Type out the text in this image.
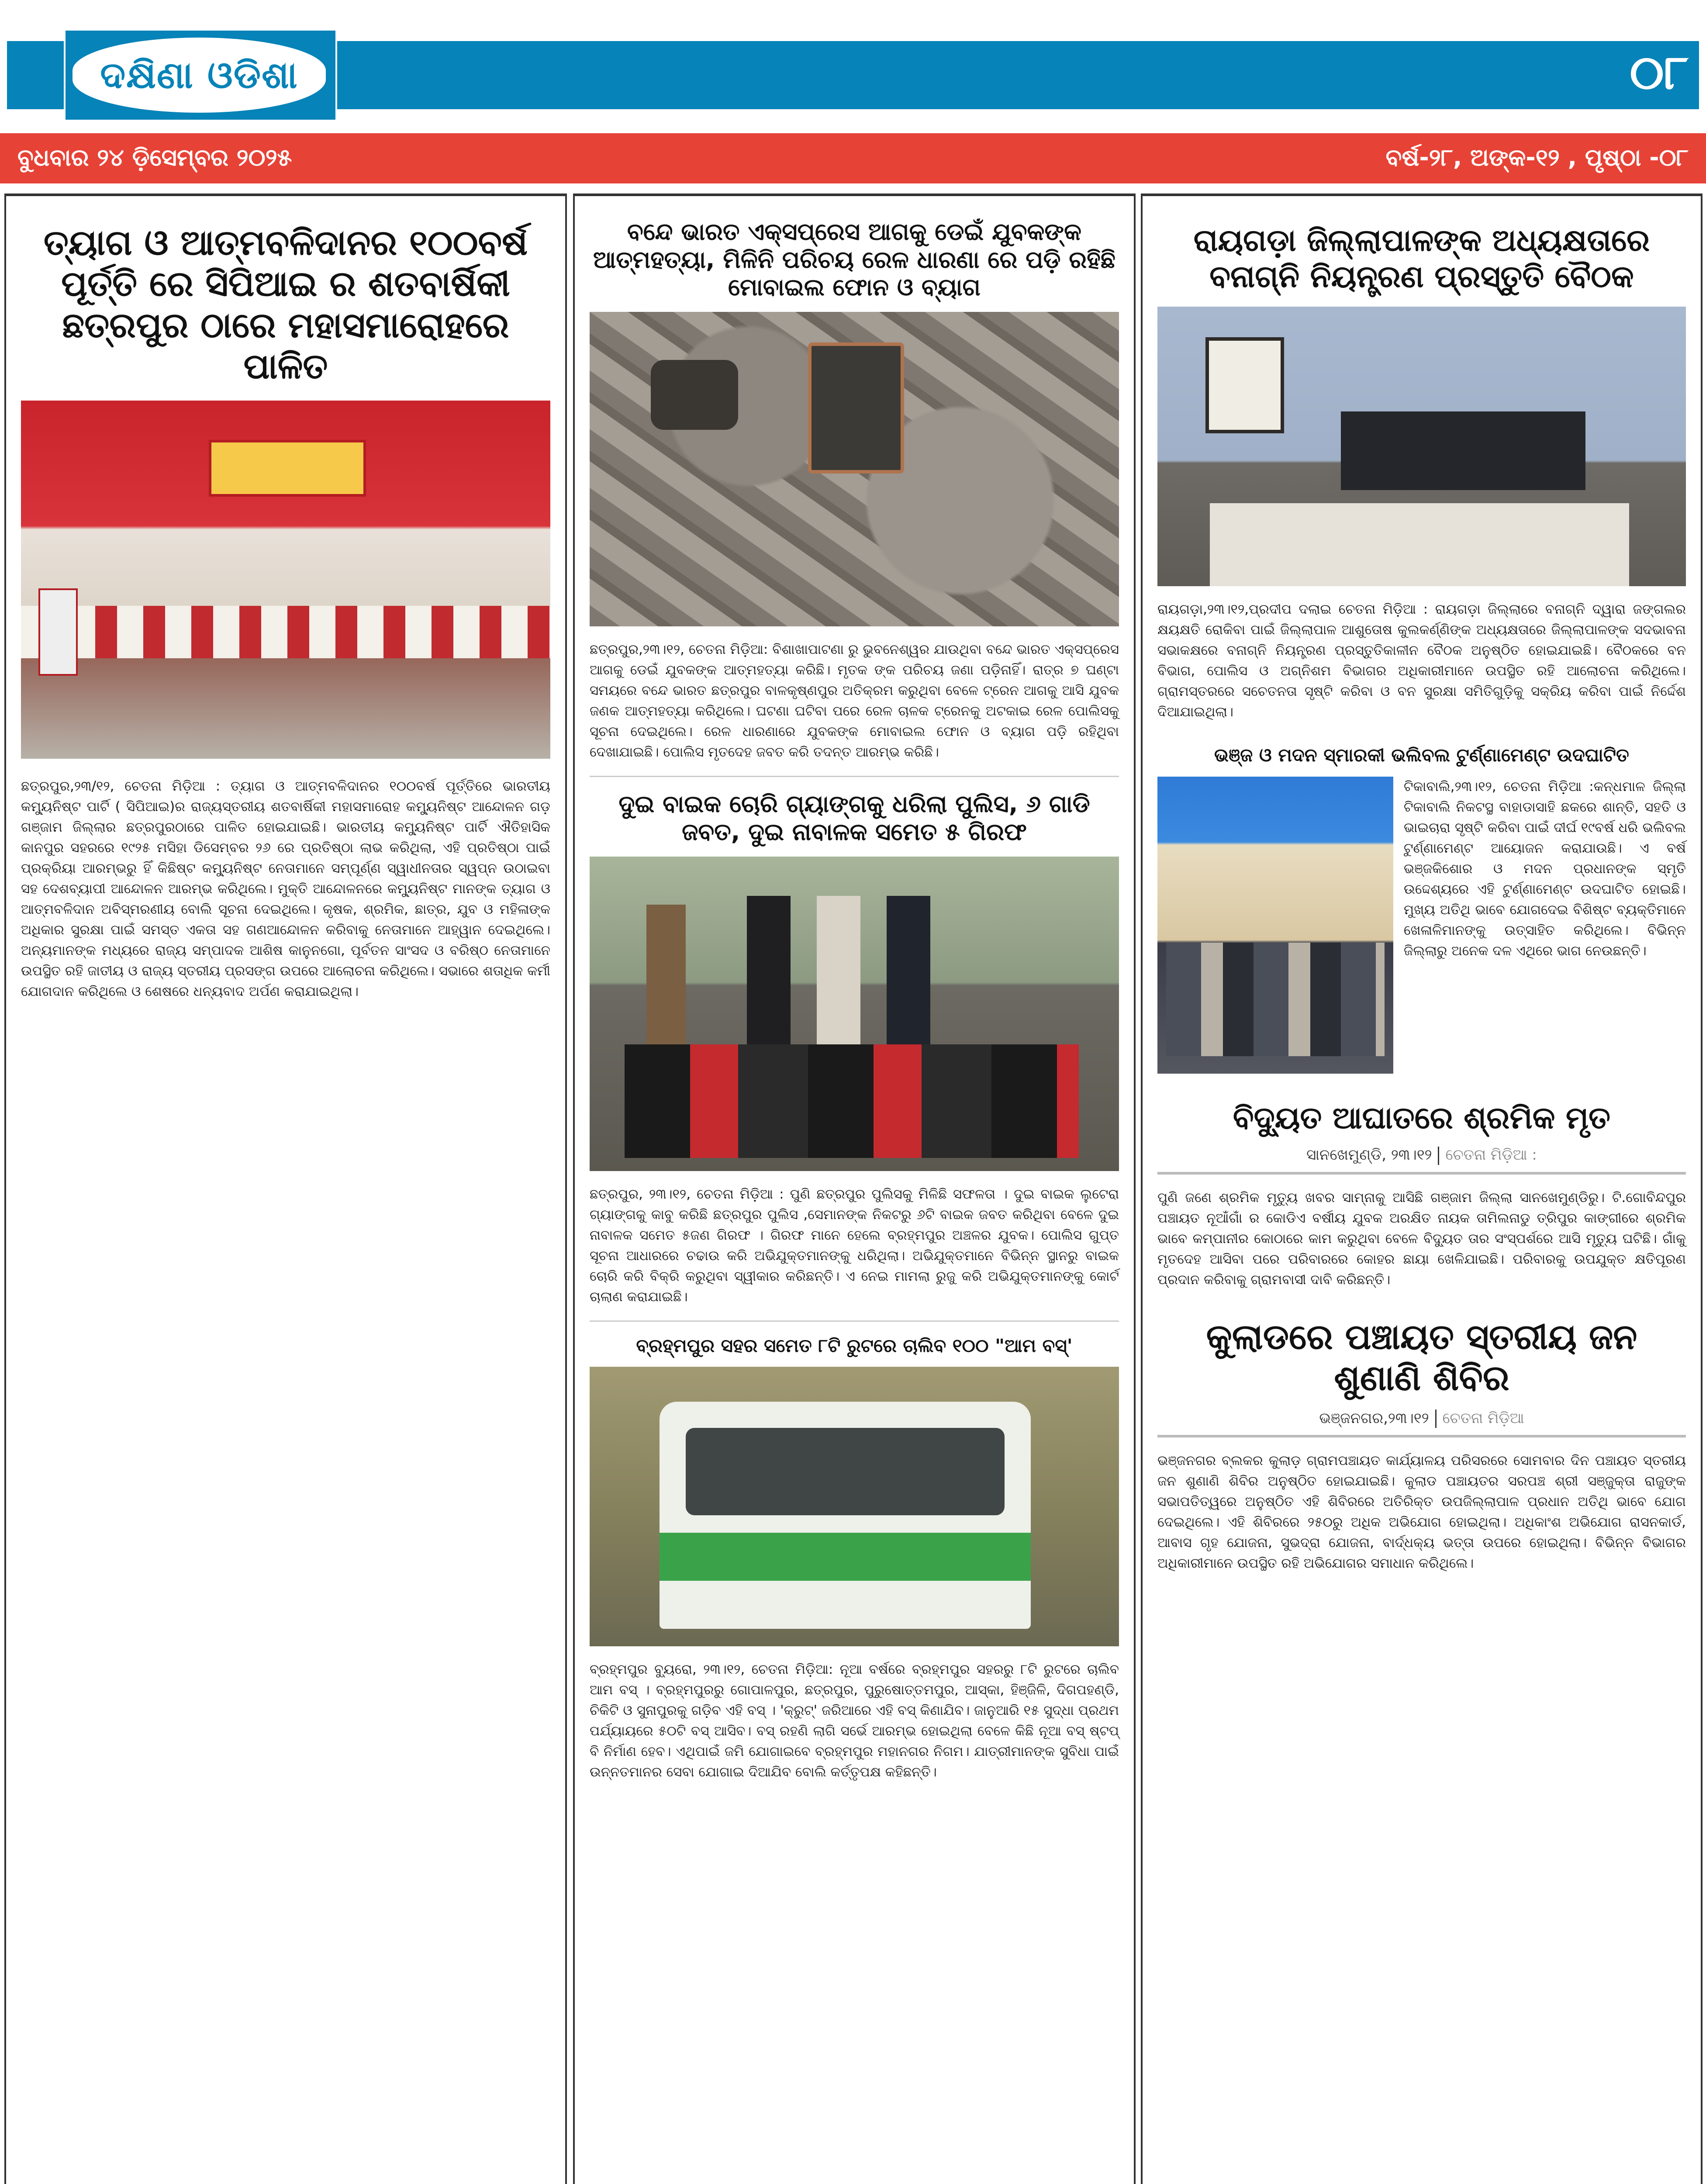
ଦକ୍ଷିଣା ଓଡିଶା	୦୮
ବୁଧବାର ୨୪ ଡ଼ିସେମ୍ବର ୨୦୨୫	ବର୍ଷ-୨୮, ଅଙ୍କ-୧୨ , ପୃଷ୍ଠା -୦୮
ତ୍ୟାଗ ଓ ଆତ୍ମବଳିଦାନର ୧୦୦ବର୍ଷ ପୂର୍ତ୍ତି ରେ ସିପିଆଇ ର ଶତବାର୍ଷିକୀ ଛତ୍ରପୁର ଠାରେ ମହାସମାରୋହରେ ପାଳିତ
ଛତ୍ରପୁର,୨୩/୧୨, ଚେତନା ମିଡ଼ିଆ : ତ୍ୟାଗ ଓ ଆତ୍ମବଳିଦାନର ୧୦୦ବର୍ଷ ପୂର୍ତ୍ତିରେ ଭାରତୀୟ କମ୍ୟୁନିଷ୍ଟ ପାର୍ଟି ( ସିପିଆଇ)ର ରାଜ୍ୟସ୍ତରୀୟ ଶତବାର୍ଷିକୀ ମହାସମାରୋହ କମ୍ୟୁନିଷ୍ଟ ଆନ୍ଦୋଳନ ଗଡ଼ ଗଞ୍ଜାମ ଜିଲ୍ଲାର ଛତ୍ରପୁରଠାରେ ପାଳିତ ହୋଇଯାଇଛି। ଭାରତୀୟ କମ୍ୟୁନିଷ୍ଟ ପାର୍ଟି ଐତିହାସିକ କାନପୁର ସହରରେ ୧୯୨୫ ମସିହା ଡିସେମ୍ବର ୨୬ ରେ ପ୍ରତିଷ୍ଠା ଲାଭ କରିଥିଲା, ଏହି ପ୍ରତିଷ୍ଠା ପାଇଁ ପ୍ରକ୍ରିୟା ଆରମ୍ଭରୁ ହିଁ କିଛିଷ୍ଟ କମ୍ୟୁନିଷ୍ଟ ନେତାମାନେ ସମ୍ପୂର୍ଣ୍ଣ ସ୍ୱାଧୀନତାର ସ୍ୱପ୍ନ ଉଠାଇବା ସହ ଦେଶବ୍ୟାପୀ ଆନ୍ଦୋଳନ ଆରମ୍ଭ କରିଥିଲେ। ମୁକ୍ତି ଆନ୍ଦୋଳନରେ କମ୍ୟୁନିଷ୍ଟ ମାନଙ୍କ ତ୍ୟାଗ ଓ ଆତ୍ମବଳିଦାନ ଅବିସ୍ମରଣୀୟ ବୋଲି ସୂଚନା ଦେଇଥିଲେ। କୃଷକ, ଶ୍ରମିକ, ଛାତ୍ର, ଯୁବ ଓ ମହିଳାଙ୍କ ଅଧିକାର ସୁରକ୍ଷା ପାଇଁ ସମସ୍ତ ଏକତା ସହ ଗଣଆନ୍ଦୋଳନ କରିବାକୁ ନେତାମାନେ ଆହ୍ୱାନ ଦେଇଥିଲେ। ଅନ୍ୟମାନଙ୍କ ମଧ୍ୟରେ ରାଜ୍ୟ ସମ୍ପାଦକ ଆଶିଷ କାନୁନଗୋ, ପୂର୍ବତନ ସାଂସଦ ଓ ବରିଷ୍ଠ ନେତାମାନେ ଉପସ୍ଥିତ ରହି ଜାତୀୟ ଓ ରାଜ୍ୟ ସ୍ତରୀୟ ପ୍ରସଙ୍ଗ ଉପରେ ଆଲୋଚନା କରିଥିଲେ। ସଭାରେ ଶତାଧିକ କର୍ମୀ ଯୋଗଦାନ କରିଥିଲେ ଓ ଶେଷରେ ଧନ୍ୟବାଦ ଅର୍ପଣ କରାଯାଇଥିଲା।
ବନ୍ଦେ ଭାରତ ଏକ୍ସପ୍ରେସ ଆଗକୁ ଡେଇଁ ଯୁବକଙ୍କ ଆତ୍ମହତ୍ୟା, ମିଳିନି ପରିଚୟ ରେଳ ଧାରଣା ରେ ପଡ଼ି ରହିଛି ମୋବାଇଲ ଫୋନ ଓ ବ୍ୟାଗ
ଛତ୍ରପୁର,୨୩।୧୨, ଚେତନା ମିଡ଼ିଆ: ବିଶାଖାପାଟଣା ରୁ ଭୁବନେଶ୍ୱର ଯାଉଥିବା ବନ୍ଦେ ଭାରତ ଏକ୍ସପ୍ରେସ ଆଗକୁ ଡେଇଁ ଯୁବକଙ୍କ ଆତ୍ମହତ୍ୟା କରିଛି। ମୃତକ ଙ୍କ ପରିଚୟ ଜଣା ପଡ଼ିନାହିଁ। ରାତ୍ର ୭ ଘଣ୍ଟା ସମୟରେ ବନ୍ଦେ ଭାରତ ଛତ୍ରପୁର ବାଳକୃଷ୍ଣପୁର ଅତିକ୍ରମ କରୁଥିବା ବେଳେ ଟ୍ରେନ ଆଗକୁ ଆସି ଯୁବକ ଜଣକ ଆତ୍ମହତ୍ୟା କରିଥିଲେ। ଘଟଣା ଘଟିବା ପରେ ରେଳ ଚାଳକ ଟ୍ରେନକୁ ଅଟକାଇ ରେଳ ପୋଲିସକୁ ସୂଚନା ଦେଇଥିଲେ। ରେଳ ଧାରଣାରେ ଯୁବକଙ୍କ ମୋବାଇଲ ଫୋନ ଓ ବ୍ୟାଗ ପଡ଼ି ରହିଥିବା ଦେଖାଯାଇଛି। ପୋଲିସ ମୃତଦେହ ଜବତ କରି ତଦନ୍ତ ଆରମ୍ଭ କରିଛି।
ଦୁଇ ବାଇକ ଚୋରି ଗ୍ୟାଙ୍ଗକୁ ଧରିଲା ପୁଲିସ, ୬ ଗାଡି ଜବତ, ଦୁଇ ନାବାଳକ ସମେତ ୫ ଗିରଫ
ଛତ୍ରପୁର, ୨୩।୧୨, ଚେତନା ମିଡ଼ିଆ : ପୁଣି ଛତ୍ରପୁର ପୁଲିସକୁ ମିଳିଛି ସଫଳତା । ଦୁଇ ବାଇକ ଲୁଟେରା ଗ୍ୟାଙ୍ଗକୁ କାବୁ କରିଛି ଛତ୍ରପୁର ପୁଲିସ ,ସେମାନଙ୍କ ନିକଟରୁ ୬ଟି ବାଇକ ଜବତ କରିଥିବା ବେଳେ ଦୁଇ ନାବାଳକ ସମେତ ୫ଜଣ ଗିରଫ । ଗିରଫ ମାନେ ହେଲେ ବ୍ରହ୍ମପୁର ଅଞ୍ଚଳର ଯୁବକ। ପୋଲିସ ଗୁପ୍ତ ସୂଚନା ଆଧାରରେ ଚଢାଉ କରି ଅଭିଯୁକ୍ତମାନଙ୍କୁ ଧରିଥିଲା। ଅଭିଯୁକ୍ତମାନେ ବିଭିନ୍ନ ସ୍ଥାନରୁ ବାଇକ ଚୋରି କରି ବିକ୍ରି କରୁଥିବା ସ୍ୱୀକାର କରିଛନ୍ତି। ଏ ନେଇ ମାମଲା ରୁଜୁ କରି ଅଭିଯୁକ୍ତମାନଙ୍କୁ କୋର୍ଟ ଚାଲାଣ କରାଯାଇଛି।
ବ୍ରହ୍ମପୁର ସହର ସମେତ ୮ଟି ରୁଟରେ ଚାଲିବ ୧୦୦ "ଆମ ବସ୍'
ବ୍ରହ୍ମପୁର ବ୍ୟୁରୋ, ୨୩।୧୨, ଚେତନା ମିଡ଼ିଆ: ନୂଆ ବର୍ଷରେ ବ୍ରହ୍ମପୁର ସହରରୁ ୮ଟି ରୁଟରେ ଚାଲିବ ଆମ ବସ୍ । ବ୍ରହ୍ମପୁରରୁ ଗୋପାଳପୁର, ଛତ୍ରପୁର, ପୁରୁଷୋତ୍ତମପୁର, ଆସ୍କା, ହିଞ୍ଜିଳି, ଦିଗପହଣ୍ଡି, ଚିକିଟି ଓ ସୁନାପୁରକୁ ଗଡ଼ିବ ଏହି ବସ୍ । 'କ୍ରୁଟ୍' ଜରିଆରେ ଏହି ବସ୍ କିଣାଯିବ। ଜାନୁଆରି ୧୫ ସୁଦ୍ଧା ପ୍ରଥମ ପର୍ଯ୍ୟାୟରେ ୫୦ଟି ବସ୍ ଆସିବ। ବସ୍ ରହଣି ଲାଗି ସର୍ଭେ ଆରମ୍ଭ ହୋଇଥିଲା ବେଳେ କିଛି ନୂଆ ବସ୍ ଷ୍ଟପ୍ ବି ନିର୍ମାଣ ହେବ। ଏଥିପାଇଁ ଜମି ଯୋଗାଇବେ ବ୍ରହ୍ମପୁର ମହାନଗର ନିଗମ। ଯାତ୍ରୀମାନଙ୍କ ସୁବିଧା ପାଇଁ ଉନ୍ନତମାନର ସେବା ଯୋଗାଇ ଦିଆଯିବ ବୋଲି କର୍ତ୍ତୃପକ୍ଷ କହିଛନ୍ତି।
ରାୟଗଡ଼ା ଜିଲ୍ଲାପାଳଙ୍କ ଅଧ୍ୟକ୍ଷତାରେ ବନାଗ୍ନି ନିୟନ୍ତ୍ରଣ ପ୍ରସ୍ତୁତି ବୈଠକ
ରାୟଗଡ଼ା,୨୩।୧୨,ପ୍ରଦୀପ ଦଲାଇ ଚେତନା ମିଡ଼ିଆ : ରାୟଗଡ଼ା ଜିଲ୍ଲାରେ ବନାଗ୍ନି ଦ୍ୱାରା ଜଙ୍ଗଲର କ୍ଷୟକ୍ଷତି ରୋକିବା ପାଇଁ ଜିଲ୍ଲାପାଳ ଆଶୁତୋଷ କୁଲକର୍ଣ୍ଣିଙ୍କ ଅଧ୍ୟକ୍ଷତାରେ ଜିଲ୍ଲାପାଳଙ୍କ ସଦଭାବନା ସଭାକକ୍ଷରେ ବନାଗ୍ନି ନିୟନ୍ତ୍ରଣ ପ୍ରସ୍ତୁତିକାଳୀନ ବୈଠକ ଅନୁଷ୍ଠିତ ହୋଇଯାଇଛି। ବୈଠକରେ ବନ ବିଭାଗ, ପୋଲିସ ଓ ଅଗ୍ନିଶମ ବିଭାଗର ଅଧିକାରୀମାନେ ଉପସ୍ଥିତ ରହି ଆଲୋଚନା କରିଥିଲେ। ଗ୍ରାମସ୍ତରରେ ସଚେତନତା ସୃଷ୍ଟି କରିବା ଓ ବନ ସୁରକ୍ଷା ସମିତିଗୁଡ଼ିକୁ ସକ୍ରିୟ କରିବା ପାଇଁ ନିର୍ଦ୍ଦେଶ ଦିଆଯାଇଥିଲା।
ଭଞ୍ଜ ଓ ମଦନ ସ୍ମାରକୀ ଭଲିବଲ ଟୁର୍ଣ୍ଣାମେଣ୍ଟ ଉଦଘାଟିତ
ଟିକାବାଲି,୨୩।୧୨, ଚେତନା ମିଡ଼ିଆ :କନ୍ଧମାଳ ଜିଲ୍ଲା ଟିକାବାଲି ନିକଟସ୍ଥ ବାହାଡାସାହି ଛକରେ ଶାନ୍ତି, ସହତି ଓ ଭାଇଚାରା ସୃଷ୍ଟି କରିବା ପାଇଁ ଦୀର୍ଘ ୧୯ବର୍ଷ ଧରି ଭଲିବଲ ଟୁର୍ଣ୍ଣାମେଣ୍ଟ ଆୟୋଜନ କରାଯାଉଛି। ଏ ବର୍ଷ ଭଞ୍ଜକିଶୋର ଓ ମଦନ ପ୍ରଧାନଙ୍କ ସ୍ମୃତି ଉଦ୍ଦେଶ୍ୟରେ ଏହି ଟୁର୍ଣ୍ଣାମେଣ୍ଟ ଉଦଘାଟିତ ହୋଇଛି। ମୁଖ୍ୟ ଅତିଥି ଭାବେ ଯୋଗଦେଇ ବିଶିଷ୍ଟ ବ୍ୟକ୍ତିମାନେ ଖେଳାଳିମାନଙ୍କୁ ଉତ୍ସାହିତ କରିଥିଲେ। ବିଭିନ୍ନ ଜିଲ୍ଲାରୁ ଅନେକ ଦଳ ଏଥିରେ ଭାଗ ନେଉଛନ୍ତି।
ବିଦ୍ୟୁତ ଆଘାତରେ ଶ୍ରମିକ ମୃତ
ସାନଖେମୁଣ୍ଡି, ୨୩।୧୨ ଚେତନା ମିଡ଼ିଆ :
ପୁଣି ଜଣେ ଶ୍ରମିକ ମୃତ୍ୟୁ ଖବର ସାମ୍ନାକୁ ଆସିଛି ଗଞ୍ଜାମ ଜିଲ୍ଲା ସାନଖେମୁଣ୍ଡିରୁ। ଟି.ଗୋବିନ୍ଦପୁର ପଞ୍ଚାୟତ ନୂଆଁଗାଁ ର କୋଡିଏ ବର୍ଷୀୟ ଯୁବକ ଅରକ୍ଷିତ ନାୟକ ତାମିଲନାଡୁ ତ୍ରିପୁର କାଙ୍ଗୀରେ ଶ୍ରମିକ ଭାବେ କମ୍ପାନୀର କୋଠାରେ କାମ କରୁଥିବା ବେଳେ ବିଦ୍ୟୁତ ତାର ସଂସ୍ପର୍ଶରେ ଆସି ମୃତ୍ୟୁ ଘଟିଛି। ଗାଁକୁ ମୃତଦେହ ଆସିବା ପରେ ପରିବାରରେ କୋହର ଛାୟା ଖେଳିଯାଇଛି। ପରିବାରକୁ ଉପଯୁକ୍ତ କ୍ଷତିପୂରଣ ପ୍ରଦାନ କରିବାକୁ ଗ୍ରାମବାସୀ ଦାବି କରିଛନ୍ତି।
କୁଲାଡରେ ପଞ୍ଚାୟତ ସ୍ତରୀୟ ଜନ ଶୁଣାଣି ଶିବିର
ଭଞ୍ଜନଗର,୨୩।୧୨ ଚେତନା ମିଡ଼ିଆ
ଭଞ୍ଜନଗର ବ୍ଲକର କୁଲାଡ଼ ଗ୍ରାମପଞ୍ଚାୟତ କାର୍ଯ୍ୟାଳୟ ପରିସରରେ ସୋମବାର ଦିନ ପଞ୍ଚାୟତ ସ୍ତରୀୟ ଜନ ଶୁଣାଣି ଶିବିର ଅନୁଷ୍ଠିତ ହୋଇଯାଇଛି। କୁଲାଡ ପଞ୍ଚାୟତର ସରପଞ୍ଚ ଶ୍ରୀ ସଞ୍ଜୁକ୍ତା ରାଜୁଙ୍କ ସଭାପତିତ୍ୱରେ ଅନୁଷ୍ଠିତ ଏହି ଶିବିରରେ ଅତିରିକ୍ତ ଉପଜିଲ୍ଲାପାଳ ପ୍ରଧାନ ଅତିଥି ଭାବେ ଯୋଗ ଦେଇଥିଲେ। ଏହି ଶିବିରରେ ୨୫୦ରୁ ଅଧିକ ଅଭିଯୋଗ ହୋଇଥିଲା। ଅଧିକାଂଶ ଅଭିଯୋଗ ରାସନକାର୍ଡ, ଆବାସ ଗୃହ ଯୋଜନା, ସୁଭଦ୍ରା ଯୋଜନା, ବାର୍ଦ୍ଧକ୍ୟ ଭତ୍ତା ଉପରେ ହୋଇଥିଲା। ବିଭିନ୍ନ ବିଭାଗର ଅଧିକାରୀମାନେ ଉପସ୍ଥିତ ରହି ଅଭିଯୋଗର ସମାଧାନ କରିଥିଲେ।
